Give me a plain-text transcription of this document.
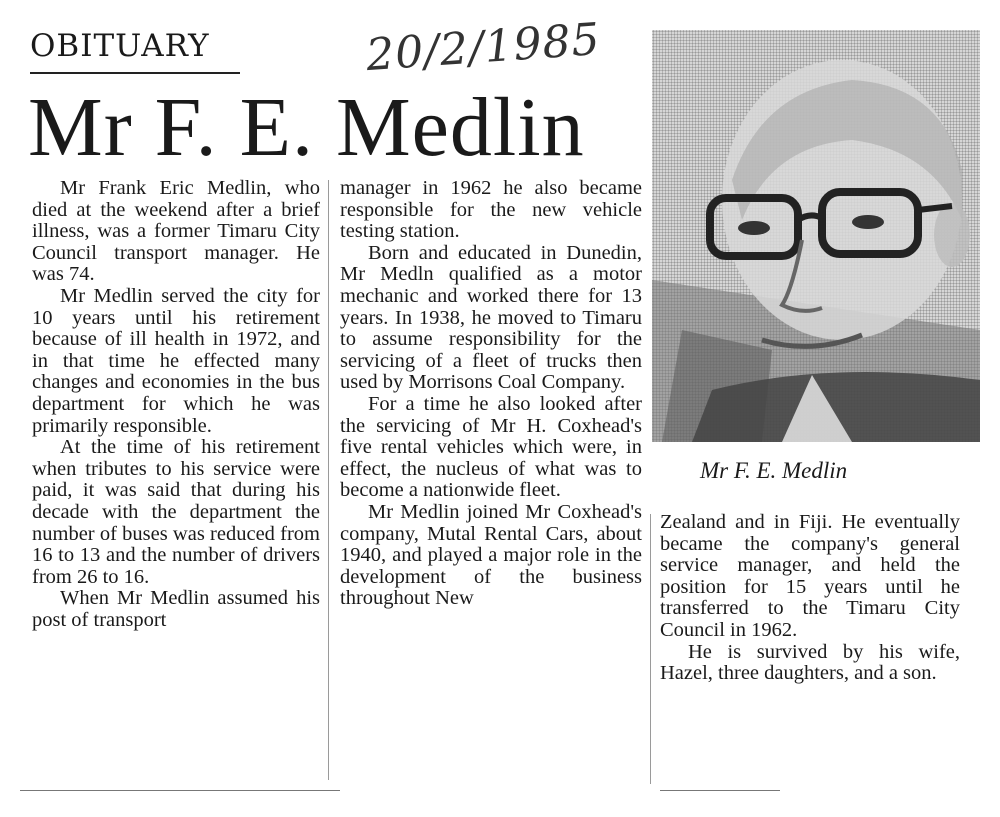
OBITUARY	20/2/1985
Mr F. E. Medlin

Mr F. E. Medlin

Mr Frank Eric Medlin, who died at the weekend after a brief illness, was a former Timaru City Council transport manager. He was 74.

Mr Medlin served the city for 10 years until his retirement because of ill health in 1972, and in that time he effected many changes and economies in the bus department for which he was primarily responsible.

At the time of his retirement when tributes to his service were paid, it was said that during his decade with the department the number of buses was reduced from 16 to 13 and the number of drivers from 26 to 16.

When Mr Medlin assumed his post of transport

manager in 1962 he also became responsible for the new vehicle testing station.

Born and educated in Dunedin, Mr Medln qualified as a motor mechanic and worked there for 13 years. In 1938, he moved to Timaru to assume responsibility for the servicing of a fleet of trucks then used by Morrisons Coal Company.

For a time he also looked after the servicing of Mr H. Coxhead's five rental vehicles which were, in effect, the nucleus of what was to become a nationwide fleet.

Mr Medlin joined Mr Coxhead's company, Mutal Rental Cars, about 1940, and played a major role in the development of the business throughout New

Zealand and in Fiji. He eventually became the company's general service manager, and held the position for 15 years until he transferred to the Timaru City Council in 1962.

He is survived by his wife, Hazel, three daughters, and a son.
